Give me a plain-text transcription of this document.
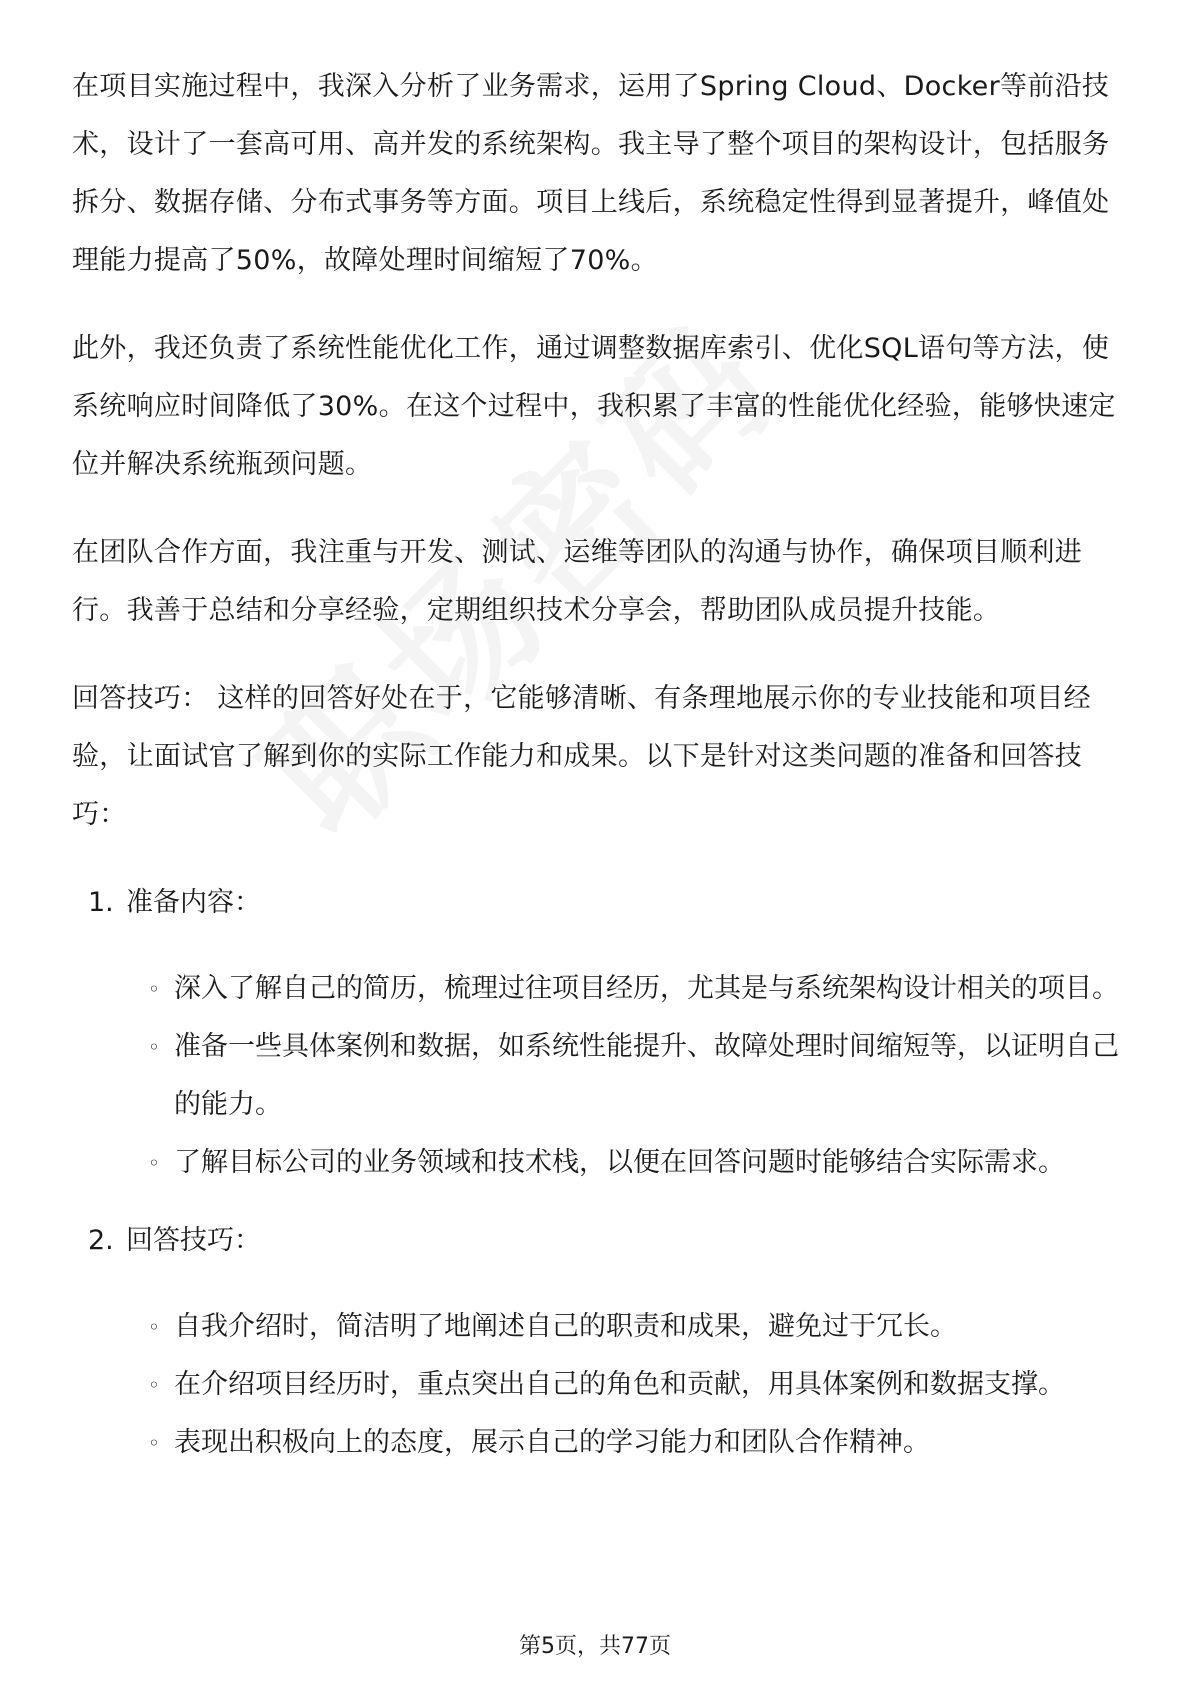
在项目实施过程中，我深入分析了业务需求，运用了Spring Cloud、Docker等前沿技术，设计了一套高可用、高并发的系统架构。我主导了整个项目的架构设计，包括服务拆分、数据存储、分布式事务等方面。项目上线后，系统稳定性得到显著提升，峰值处理能力提高了50%，故障处理时间缩短了70%。

此外，我还负责了系统性能优化工作，通过调整数据库索引、优化SQL语句等方法，使系统响应时间降低了30%。在这个过程中，我积累了丰富的性能优化经验，能够快速定位并解决系统瓶颈问题。

在团队合作方面，我注重与开发、测试、运维等团队的沟通与协作，确保项目顺利进行。我善于总结和分享经验，定期组织技术分享会，帮助团队成员提升技能。

回答技巧： 这样的回答好处在于，它能够清晰、有条理地展示你的专业技能和项目经验，让面试官了解到你的实际工作能力和成果。以下是针对这类问题的准备和回答技巧：

1. 准备内容：
◦ 深入了解自己的简历，梳理过往项目经历，尤其是与系统架构设计相关的项目。
◦ 准备一些具体案例和数据，如系统性能提升、故障处理时间缩短等，以证明自己的能力。
◦ 了解目标公司的业务领域和技术栈，以便在回答问题时能够结合实际需求。
2. 回答技巧：
◦ 自我介绍时，简洁明了地阐述自己的职责和成果，避免过于冗长。
◦ 在介绍项目经历时，重点突出自己的角色和贡献，用具体案例和数据支撑。
◦ 表现出积极向上的态度，展示自己的学习能力和团队合作精神。
第5页，共77页
